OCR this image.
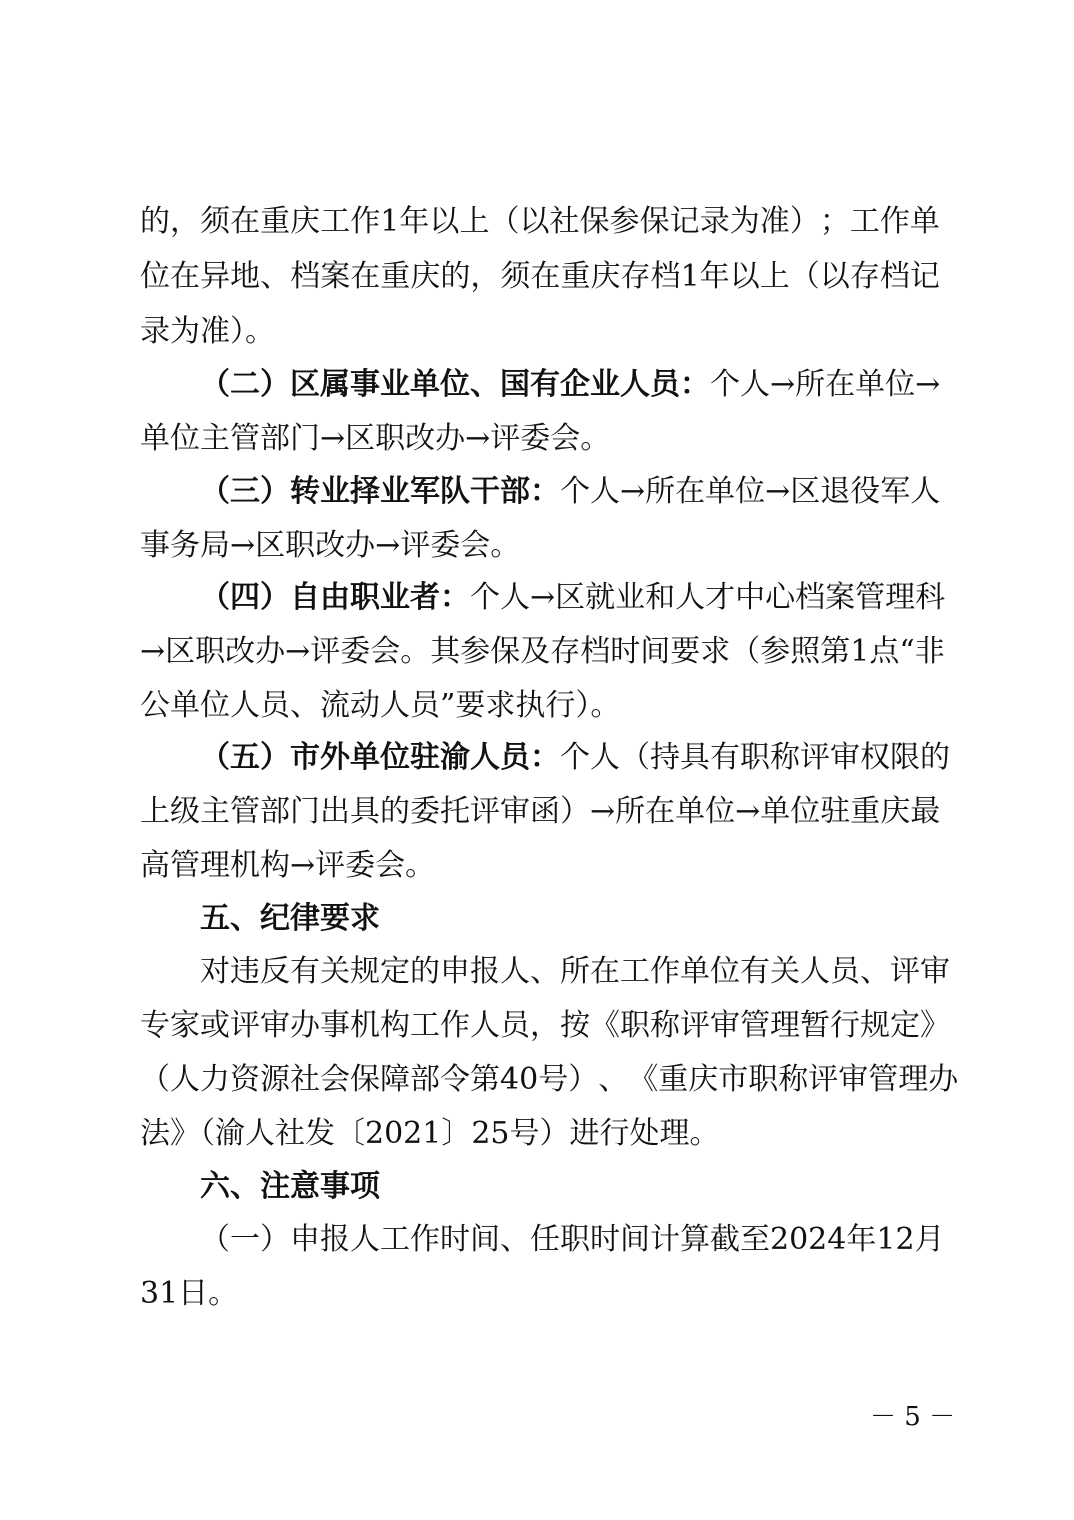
的 ， 须 在 重 庆 工 作 1 年 以 上 （ 以 社 保 参 保 记 录 为 准 ） ； 工 作 单
位 在 异 地 、 档 案 在 重 庆 的 ， 须 在 重 庆 存 档 1 年 以 上 （ 以 存 档 记
录为准）。
（二）区属事业单位、国有企业人员： 个 人 → 所 在 单 位 →
单位主管部门→区职改办→评委会。
（三）转业择业军队干部： 个 人 → 所 在 单 位 → 区 退 役 军 人
事务局→区职改办→评委会。
（四）自由职业者： 个 人 → 区 就 业 和 人 才 中 心 档 案 管 理 科
→ 区 职 改 办 → 评 委 会 。 其 参 保 及 存 档 时 间 要 求 （ 参 照 第 1 点 “ 非
公单位人员、流动人员”要求执行）。
（五）市外单位驻渝人员： 个 人 （ 持 具 有 职 称 评 审 权 限 的
上 级 主 管 部 门 出 具 的 委 托 评 审 函 ） → 所 在 单 位 → 单 位 驻 重 庆 最
高管理机构→评委会。
五、纪律要求
对 违 反 有 关 规 定 的 申 报 人 、 所 在 工 作 单 位 有 关 人 员 、 评 审
专 家 或 评 审 办 事 机 构 工 作 人 员 ， 按 《 职 称 评 审 管 理 暂 行 规 定 》
（ 人 力 资 源 社 会 保 障 部 令 第 40 号 ） 、 《 重 庆 市 职 称 评 审 管 理 办
法》（渝人社发〔2021〕25号）进行处理。
六、注意事项
（ 一 ） 申 报 人 工 作 时 间 、 任 职 时 间 计 算 截 至 2024 年 12 月
31日。
－ 5 －
